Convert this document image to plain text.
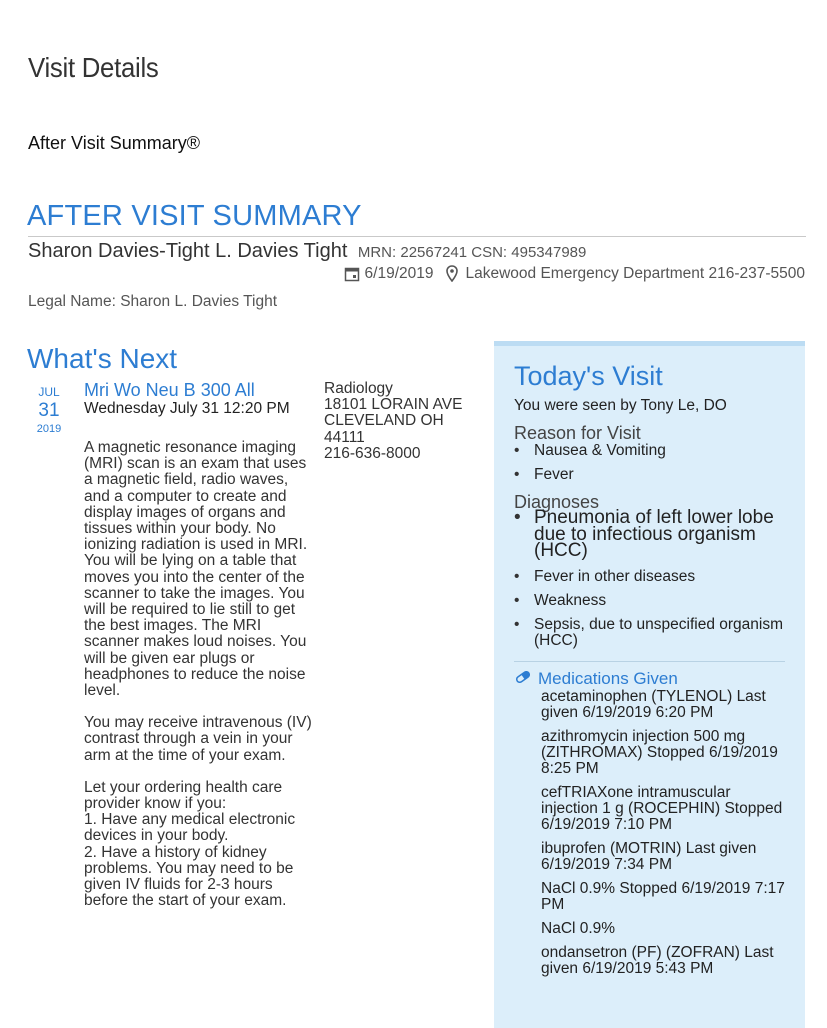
Visit Details
After Visit Summary®
AFTER VISIT SUMMARY
Sharon Davies-Tight L. Davies Tight MRN: 22567241 CSN: 495347989
6/19/2019 Lakewood Emergency Department 216-237-5500
Legal Name: Sharon L. Davies Tight
What's Next
JUL
31
2019
Mri Wo Neu B 300 All
Wednesday July 31 12:20 PM

A magnetic resonance imaging (MRI) scan is an exam that uses a magnetic field, radio waves, and a computer to create and display images of organs and tissues within your body. No ionizing radiation is used in MRI.
You will be lying on a table that moves you into the center of the scanner to take the images. You will be required to lie still to get the best images. The MRI scanner makes loud noises. You will be given ear plugs or headphones to reduce the noise level.

You may receive intravenous (IV) contrast through a vein in your arm at the time of your exam.

Let your ordering health care provider know if you:
1. Have any medical electronic devices in your body.
2. Have a history of kidney problems. You may need to be given IV fluids for 2-3 hours before the start of your exam.

Radiology
18101 LORAIN AVE
CLEVELAND OH 44111
216-636-8000
Today's Visit
You were seen by Tony Le, DO
Reason for Visit
• Nausea & Vomiting
• Fever
Diagnoses
• Pneumonia of left lower lobe due to infectious organism (HCC)
• Fever in other diseases
• Weakness
• Sepsis, due to unspecified organism (HCC)
Medications Given
acetaminophen (TYLENOL) Last given 6/19/2019 6:20 PM
azithromycin injection 500 mg (ZITHROMAX) Stopped 6/19/2019 8:25 PM
cefTRIAXone intramuscular injection 1 g (ROCEPHIN) Stopped 6/19/2019 7:10 PM
ibuprofen (MOTRIN) Last given 6/19/2019 7:34 PM
NaCl 0.9% Stopped 6/19/2019 7:17 PM
NaCl 0.9%
ondansetron (PF) (ZOFRAN) Last given 6/19/2019 5:43 PM
